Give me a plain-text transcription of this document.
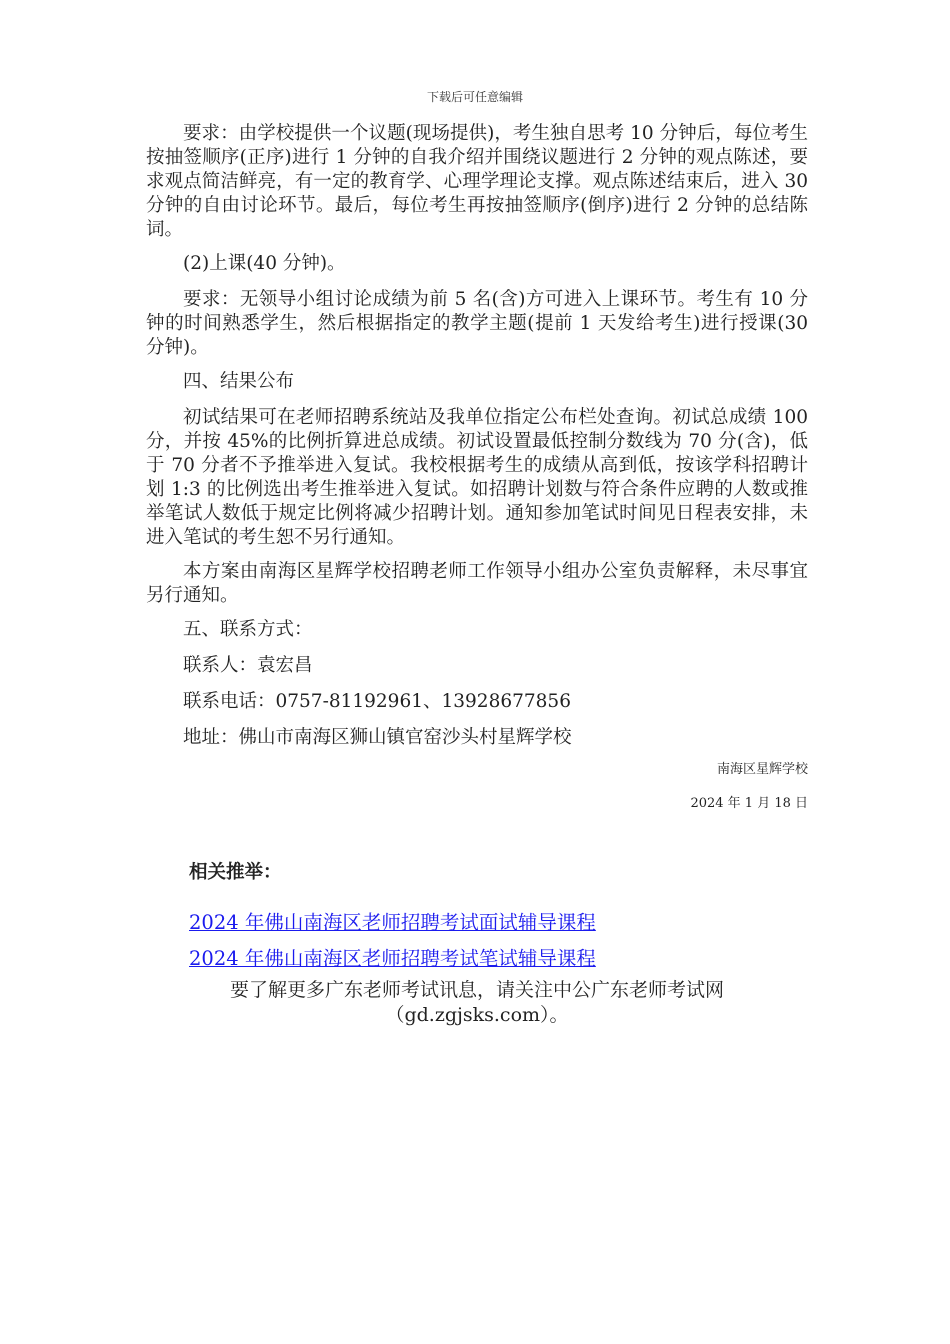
下载后可任意编辑

要求：由学校提供一个议题(现场提供)，考生独自思考 10 分钟后，每位考生按抽签顺序(正序)进行 1 分钟的自我介绍并围绕议题进行 2 分钟的观点陈述，要求观点简洁鲜亮，有一定的教育学、心理学理论支撑。观点陈述结束后，进入 30 分钟的自由讨论环节。最后，每位考生再按抽签顺序(倒序)进行 2 分钟的总结陈词。

(2)上课(40 分钟)。

要求：无领导小组讨论成绩为前 5 名(含)方可进入上课环节。考生有 10 分钟的时间熟悉学生，然后根据指定的教学主题(提前 1 天发给考生)进行授课(30 分钟)。

四、结果公布

初试结果可在老师招聘系统站及我单位指定公布栏处查询。初试总成绩 100 分，并按 45%的比例折算进总成绩。初试设置最低控制分数线为 70 分(含)，低于 70 分者不予推举进入复试。我校根据考生的成绩从高到低，按该学科招聘计划 1:3 的比例选出考生推举进入复试。如招聘计划数与符合条件应聘的人数或推举笔试人数低于规定比例将减少招聘计划。通知参加笔试时间见日程表安排，未进入笔试的考生恕不另行通知。

本方案由南海区星辉学校招聘老师工作领导小组办公室负责解释，未尽事宜另行通知。

五、联系方式：

联系人：袁宏昌

联系电话：0757-81192961、13928677856

地址：佛山市南海区狮山镇官窑沙头村星辉学校

南海区星辉学校

2024 年 1 月 18 日

相关推举：
2024 年佛山南海区老师招聘考试面试辅导课程
2024 年佛山南海区老师招聘考试笔试辅导课程
要了解更多广东老师考试讯息，请关注中公广东老师考试网
（gd.zgjsks.com）。
